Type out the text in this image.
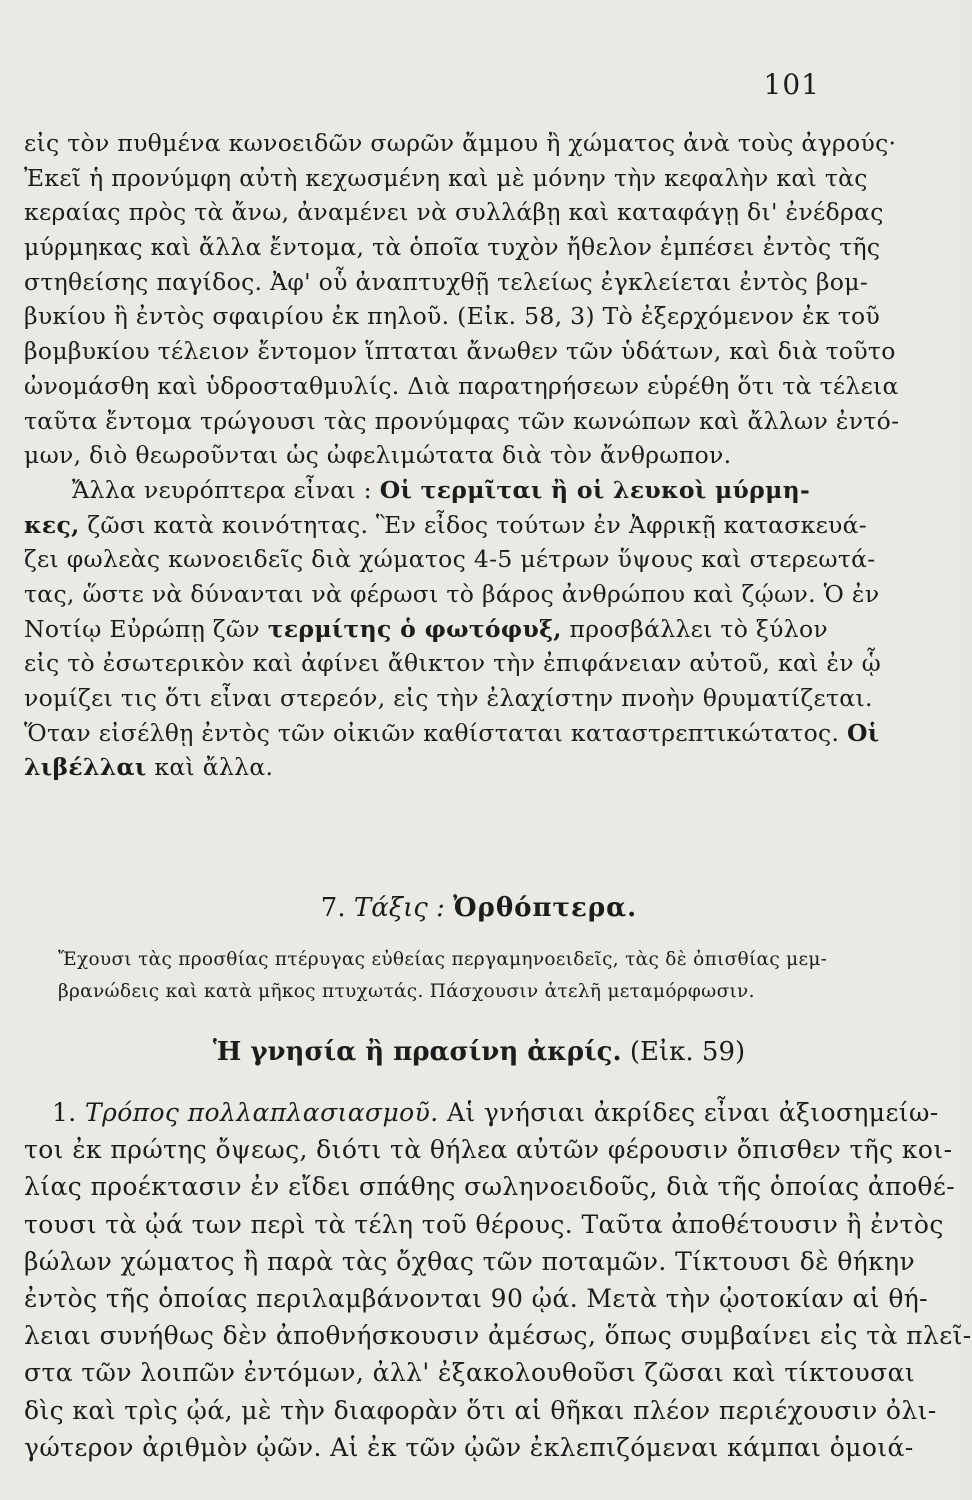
101
εἰς τὸν πυθμένα κωνοειδῶν σωρῶν ἄμμου ἢ χώματος ἀνὰ τοὺς ἀγρούς·
Ἐκεῖ ἡ προνύμφη αὐτὴ κεχωσμένη καὶ μὲ μόνην τὴν κεφαλὴν καὶ τὰς
κεραίας πρὸς τὰ ἄνω, ἀναμένει νὰ συλλάβῃ καὶ καταφάγῃ δι' ἐνέδρας
μύρμηκας καὶ ἄλλα ἔντομα, τὰ ὁποῖα τυχὸν ἤθελον ἐμπέσει ἐντὸς τῆς
στηθείσης παγίδος. Ἀφ' οὗ ἀναπτυχθῇ τελείως ἐγκλείεται ἐντὸς βομ-
βυκίου ἢ ἐντὸς σφαιρίου ἐκ πηλοῦ. (Εἰκ. 58, 3) Τὸ ἐξερχόμενον ἐκ τοῦ
βομβυκίου τέλειον ἔντομον ἵπταται ἄνωθεν τῶν ὑδάτων, καὶ διὰ τοῦτο
ὠνομάσθη καὶ ὑδροσταθμυλίς. Διὰ παρατηρήσεων εὑρέθη ὅτι τὰ τέλεια
ταῦτα ἔντομα τρώγουσι τὰς προνύμφας τῶν κωνώπων καὶ ἄλλων ἐντό-
μων, διὸ θεωροῦνται ὡς ὠφελιμώτατα διὰ τὸν ἄνθρωπον.
Ἄλλα νευρόπτερα εἶναι : Οἱ τερμῖται ἢ οἱ λευκοὶ μύρμη-
κες, ζῶσι κατὰ κοινότητας. Ἓν εἶδος τούτων ἐν Ἀφρικῇ κατασκευά-
ζει φωλεὰς κωνοειδεῖς διὰ χώματος 4-5 μέτρων ὕψους καὶ στερεωτά-
τας, ὥστε νὰ δύνανται νὰ φέρωσι τὸ βάρος ἀνθρώπου καὶ ζῴων. Ὁ ἐν
Νοτίῳ Εὐρώπῃ ζῶν τερμίτης ὁ φωτόφυξ, προσβάλλει τὸ ξύλον
εἰς τὸ ἐσωτερικὸν καὶ ἀφίνει ἄθικτον τὴν ἐπιφάνειαν αὐτοῦ, καὶ ἐν ᾧ
νομίζει τις ὅτι εἶναι στερεόν, εἰς τὴν ἐλαχίστην πνοὴν θρυματίζεται.
Ὅταν εἰσέλθῃ ἐντὸς τῶν οἰκιῶν καθίσταται καταστρεπτικώτατος. Οἱ
λιβέλλαι καὶ ἄλλα.
7. Τάξις : Ὀρθόπτερα.
Ἔχουσι τὰς προσθίας πτέρυγας εὐθείας περγαμηνοειδεῖς, τὰς δὲ ὀπισθίας μεμ-
βρανώδεις καὶ κατὰ μῆκος πτυχωτάς. Πάσχουσιν ἀτελῆ μεταμόρφωσιν.
Ἡ γνησία ἢ πρασίνη ἀκρίς. (Εἰκ. 59)
1. Τρόπος πολλαπλασιασμοῦ. Αἱ γνήσιαι ἀκρίδες εἶναι ἀξιοσημείω-
τοι ἐκ πρώτης ὄψεως, διότι τὰ θήλεα αὐτῶν φέρουσιν ὄπισθεν τῆς κοι-
λίας προέκτασιν ἐν εἴδει σπάθης σωληνοειδοῦς, διὰ τῆς ὁποίας ἀποθέ-
τουσι τὰ ᾠά των περὶ τὰ τέλη τοῦ θέρους. Ταῦτα ἀποθέτουσιν ἢ ἐντὸς
βώλων χώματος ἢ παρὰ τὰς ὄχθας τῶν ποταμῶν. Τίκτουσι δὲ θήκην
ἐντὸς τῆς ὁποίας περιλαμβάνονται 90 ᾠά. Μετὰ τὴν ᾠοτοκίαν αἱ θή-
λειαι συνήθως δὲν ἀποθνήσκουσιν ἀμέσως, ὅπως συμβαίνει εἰς τὰ πλεῖ-
στα τῶν λοιπῶν ἐντόμων, ἀλλ' ἐξακολουθοῦσι ζῶσαι καὶ τίκτουσαι
δὶς καὶ τρὶς ᾠά, μὲ τὴν διαφορὰν ὅτι αἱ θῆκαι πλέον περιέχουσιν ὀλι-
γώτερον ἀριθμὸν ᾠῶν. Αἱ ἐκ τῶν ᾠῶν ἐκλεπιζόμεναι κάμπαι ὁμοιά-
